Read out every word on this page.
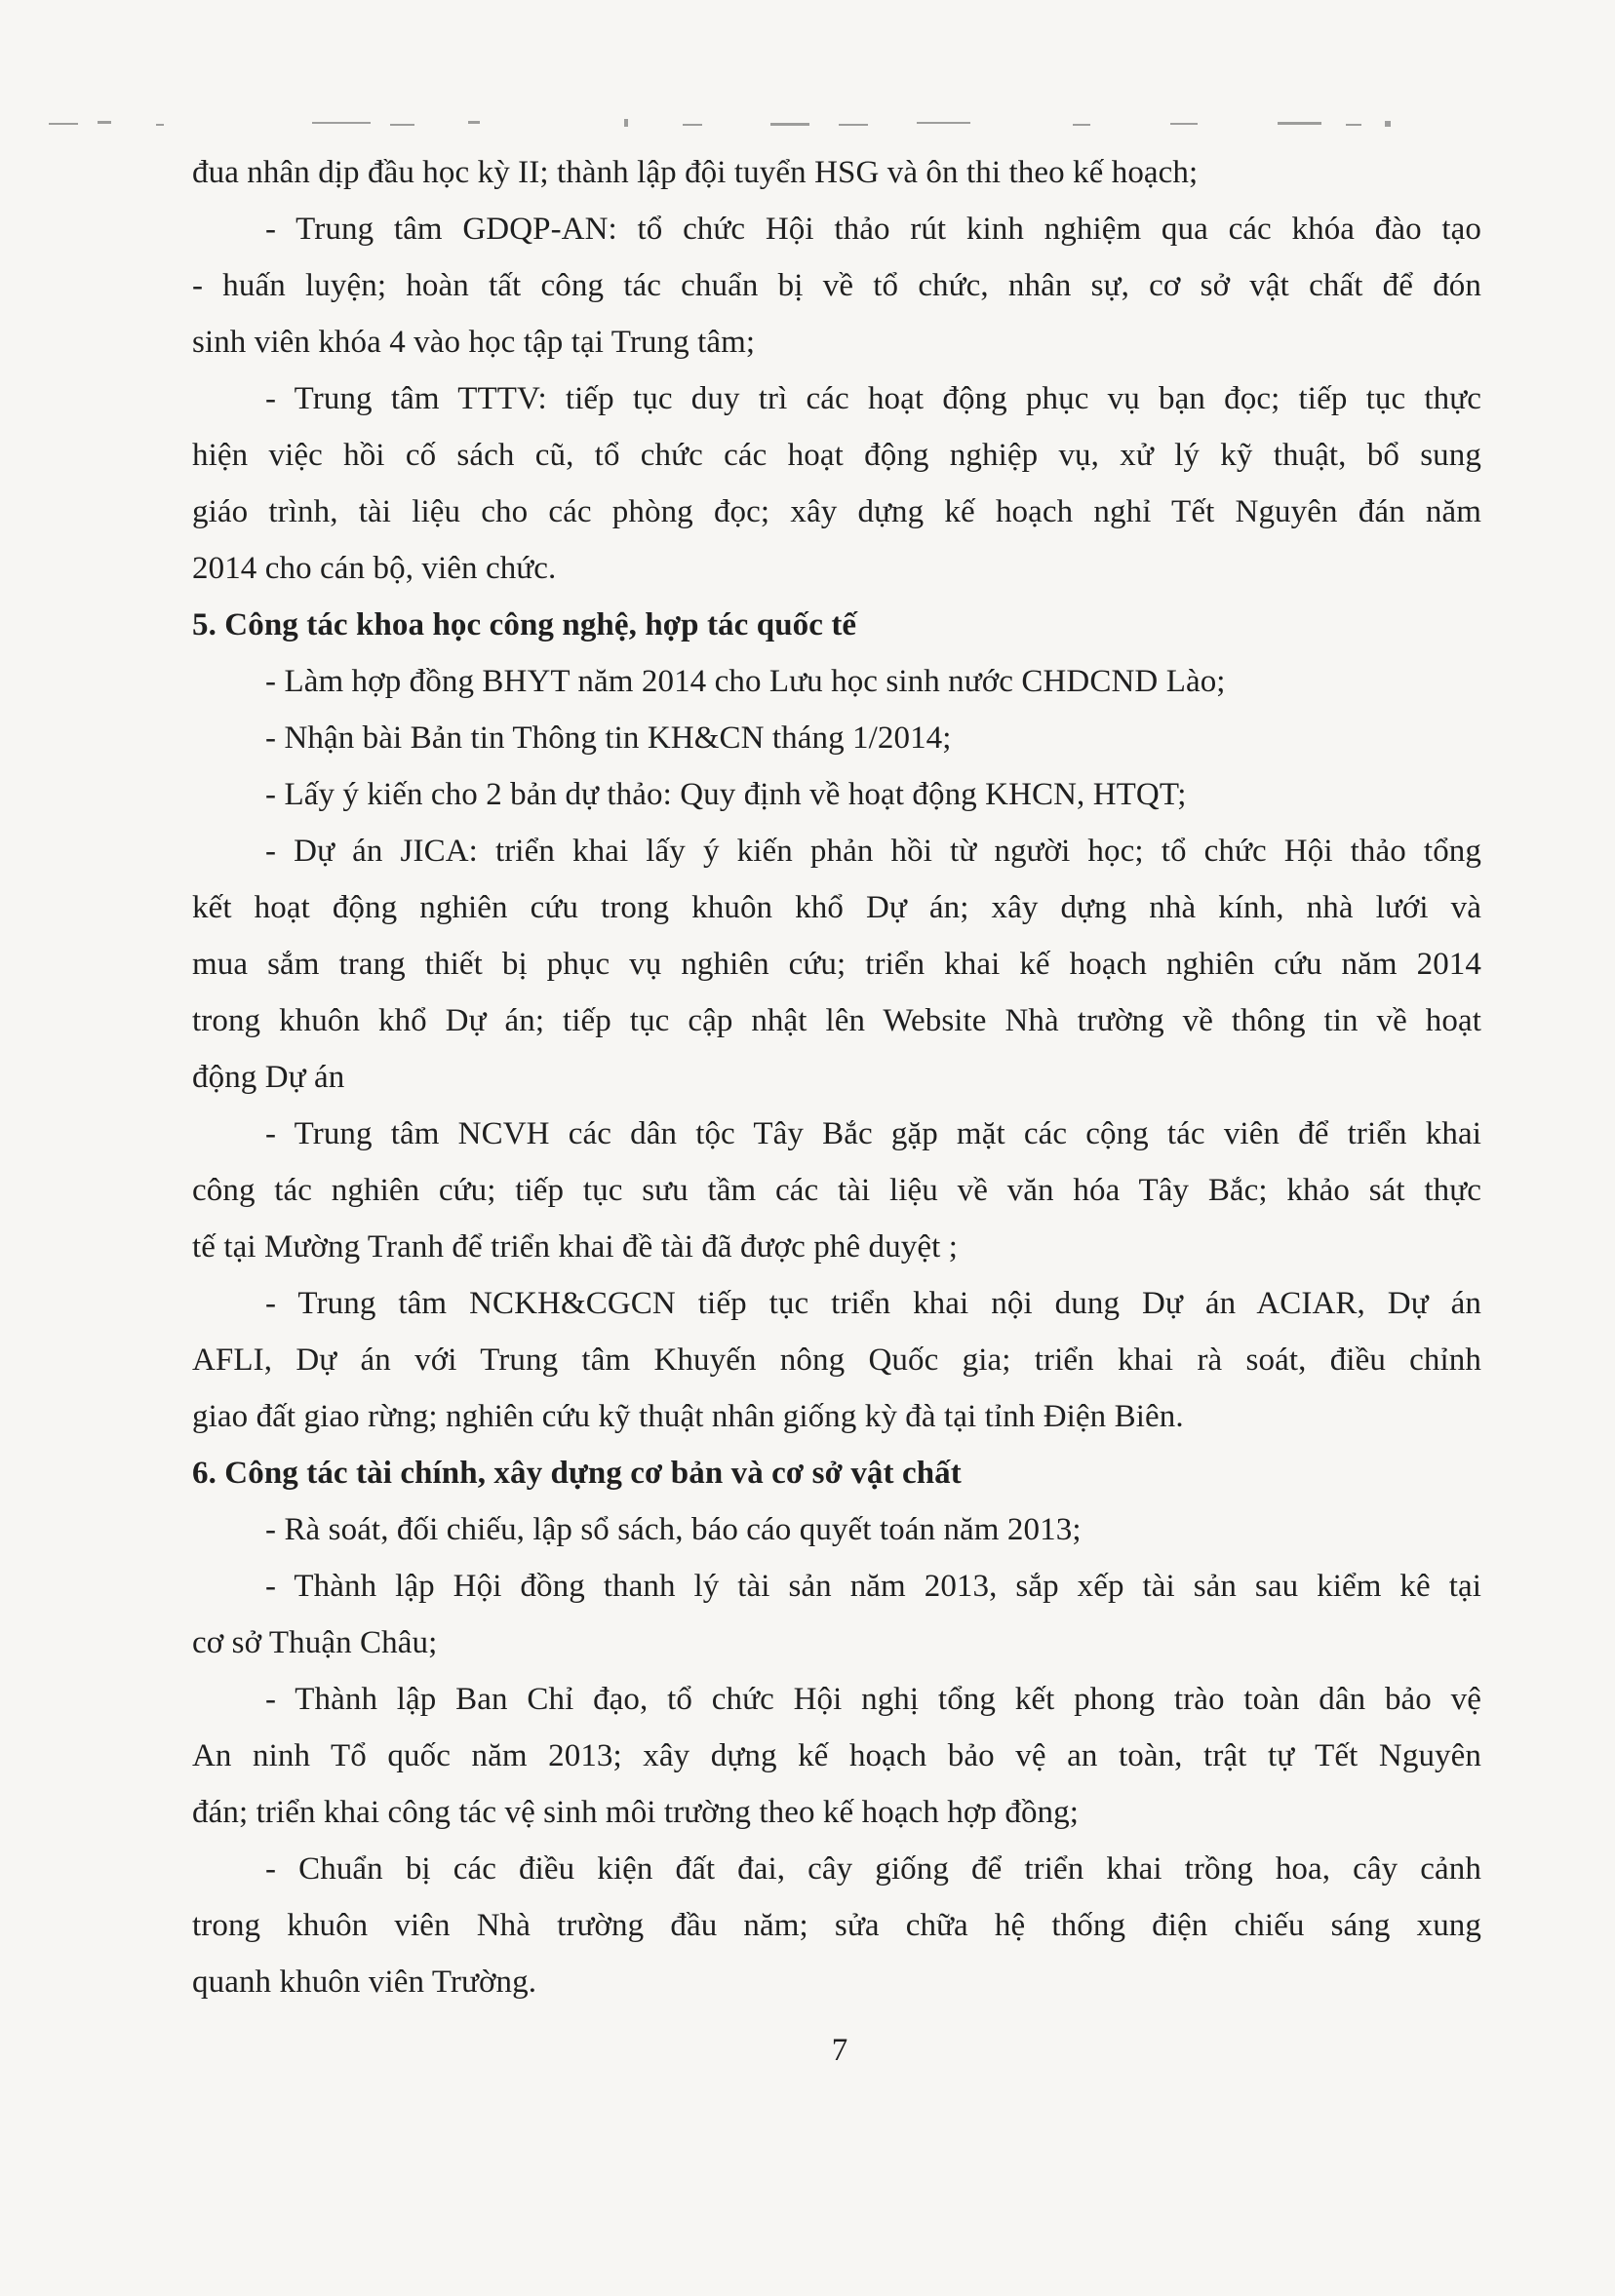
đua nhân dịp đầu học kỳ II; thành lập đội tuyển HSG và ôn thi theo kế hoạch;
- Trung tâm GDQP-AN: tổ chức Hội thảo rút kinh nghiệm qua các khóa đào tạo
- huấn luyện; hoàn tất công tác chuẩn bị về tổ chức, nhân sự, cơ sở vật chất để đón
sinh viên khóa 4 vào học tập tại Trung tâm;
- Trung tâm TTTV: tiếp tục duy trì các hoạt động phục vụ bạn đọc; tiếp tục thực
hiện việc hồi cố sách cũ, tổ chức các hoạt động nghiệp vụ, xử lý kỹ thuật, bổ sung
giáo trình, tài liệu cho các phòng đọc; xây dựng kế hoạch nghỉ Tết Nguyên đán năm
2014 cho cán bộ, viên chức.
5. Công tác khoa học công nghệ, hợp tác quốc tế
- Làm hợp đồng BHYT năm 2014 cho Lưu học sinh nước CHDCND Lào;
- Nhận bài Bản tin Thông tin KH&CN tháng 1/2014;
- Lấy ý kiến cho 2 bản dự thảo: Quy định về hoạt động KHCN, HTQT;
- Dự án JICA: triển khai lấy ý kiến phản hồi từ người học; tổ chức Hội thảo tổng
kết hoạt động nghiên cứu trong khuôn khổ Dự án; xây dựng nhà kính, nhà lưới và
mua sắm trang thiết bị phục vụ nghiên cứu; triển khai kế hoạch nghiên cứu năm 2014
trong khuôn khổ Dự án; tiếp tục cập nhật lên Website Nhà trường về thông tin về hoạt
động Dự án
- Trung tâm NCVH các dân tộc Tây Bắc gặp mặt các cộng tác viên để triển khai
công tác nghiên cứu; tiếp tục sưu tầm các tài liệu về văn hóa Tây Bắc; khảo sát thực
tế tại Mường Tranh để triển khai đề tài đã được phê duyệt ;
- Trung tâm NCKH&CGCN tiếp tục triển khai nội dung Dự án ACIAR, Dự án
AFLI, Dự án với Trung tâm Khuyến nông Quốc gia; triển khai rà soát, điều chỉnh
giao đất giao rừng; nghiên cứu kỹ thuật nhân giống kỳ đà tại tỉnh Điện Biên.
6. Công tác tài chính, xây dựng cơ bản và cơ sở vật chất
- Rà soát, đối chiếu, lập sổ sách, báo cáo quyết toán năm 2013;
- Thành lập Hội đồng thanh lý tài sản năm 2013, sắp xếp tài sản sau kiểm kê tại
cơ sở Thuận Châu;
- Thành lập Ban Chỉ đạo, tổ chức Hội nghị tổng kết phong trào toàn dân bảo vệ
An ninh Tổ quốc năm 2013; xây dựng kế hoạch bảo vệ an toàn, trật tự Tết Nguyên
đán; triển khai công tác vệ sinh môi trường theo kế hoạch hợp đồng;
- Chuẩn bị các điều kiện đất đai, cây giống để triển khai trồng hoa, cây cảnh
trong khuôn viên Nhà trường đầu năm; sửa chữa hệ thống điện chiếu sáng xung
quanh khuôn viên Trường.
7
